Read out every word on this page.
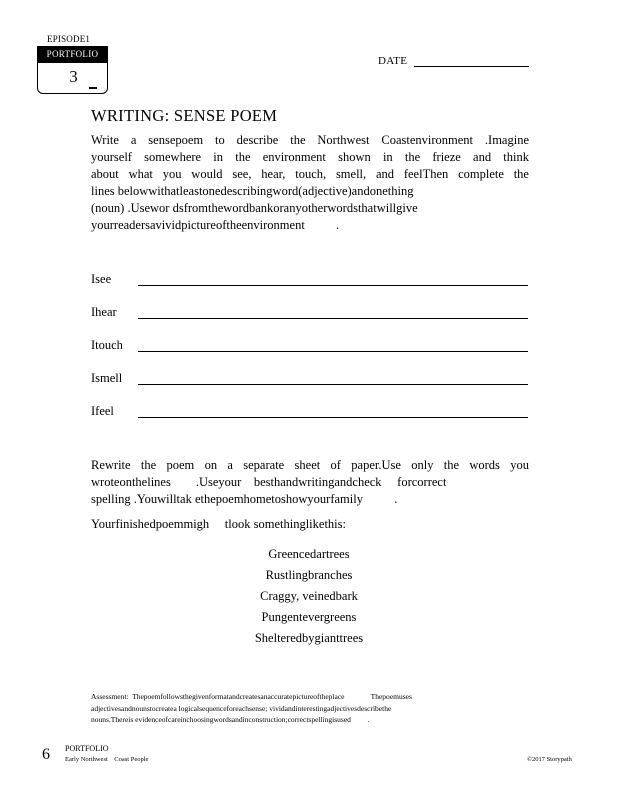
EPISODE1
PORTFOLIO
3
DATE
WRITING: SENSE POEM

Write a sensepoem to describe the Northwest Coastenvironment .Imagine

yourself somewhere in the environment shown in the frieze and think

about what you would see, hear, touch, smell, and feelThen complete the

lines belowwithatleastonedescribingword(adjective)andonething

(noun) .Usewor dsfromthewordbankoranyotherwordsthatwillgive

yourreadersavividpictureoftheenvironment          .

Isee
Ihear
Itouch
Ismell
Ifeel

Rewrite the poem on a separate sheet of paper.Use only the words you

wroteonthelines        .Useyour    besthandwritingandcheck     forcorrect

spelling .Youwilltak ethepoemhometoshowyourfamily          .

Yourfinishedpoemmigh     tlook somethinglikethis:
Greencedartrees
Rustlingbranches
Craggy, veinedbark
Pungentevergreens
Shelteredbygianttrees

Assessment:  Thepoemfollowsthegivenformatandcreatesanaccuratepictureoftheplace              Thepoemuses

adjectivesandnounstocreatea logicalsequenceforeachsense; vividandinterestingadjectivesdescribethe

nouns.Thereis evidenceofcareinchoosingwordsandinconstruction;correctspellingisused         .

6 PORTFOLIO
Early Northwest    Coast People	©2017 Storypath
